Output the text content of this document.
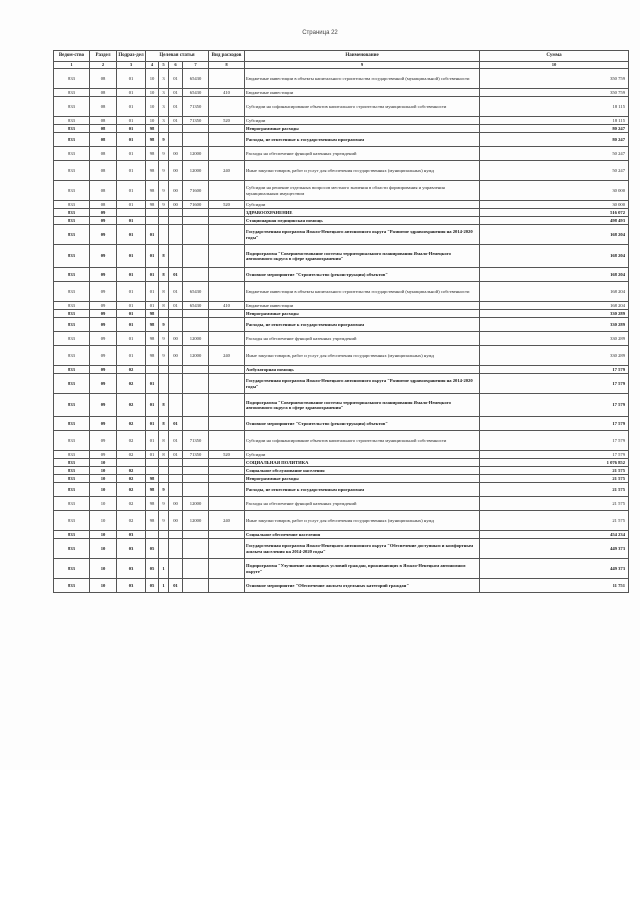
Страница 22
Ведом-ство	Раздел	Подраз-дел	Целевая статья				Вид расходов	Наименование	Сумма
1	2	3	4	5	6	7	8	9	10
833	08	01	10	3	01	65430		Бюджетные инвестиции в объекты капитального строительства государственной (муниципальной) собственности	350 759
833	08	01	10	3	01	65430	410	Бюджетные инвестиции	350 759
833	08	01	10	3	01	71350		Субсидии на софинансирование объектов капитального строительства муниципальной собственности	18 115
833	08	01	10	3	01	71350	520	Субсидии	18 115
833	08	01	98					Непрограммные расходы	80 247
833	08	01	98	9				Расходы, не отнесенные к государственным программам	80 247
833	08	01	98	9	00	12000		Расходы на обеспечение функций казенных учреждений	50 247
833	08	01	98	9	00	12000	240	Иные закупки товаров, работ и услуг для обеспечения государственных (муниципальных) нужд	50 247
833	08	01	98	9	00	71600		Субсидии на решение отдельных вопросов местного значения в области формирования и управления муниципальным имуществом	30 000
833	08	01	98	9	00	71600	520	Субсидии	30 000
833	09							ЗДРАВООХРАНЕНИЕ	516 072
833	09	01						Стационарная медицинская помощь	498 493
833	09	01	01					Государственная программа Ямало-Ненецкого автономного округа "Развитие здравоохранения на 2014-2020 годы"	168 204
833	09	01	01	8				Подпрограмма "Совершенствование системы территориального планирования Ямало-Ненецкого автономного округа в сфере здравоохранения"	168 204
833	09	01	01	8	01			Основное мероприятие "Строительство (реконструкция) объектов"	168 204
833	09	01	01	8	01	65430		Бюджетные инвестиции в объекты капитального строительства государственной (муниципальной) собственности	168 204
833	09	01	01	8	01	65430	410	Бюджетные инвестиции	168 204
833	09	01	98					Непрограммные расходы	330 289
833	09	01	98	9				Расходы, не отнесенные к государственным программам	330 289
833	09	01	98	9	00	12000		Расходы на обеспечение функций казенных учреждений	330 289
833	09	01	98	9	00	12000	240	Иные закупки товаров, работ и услуг для обеспечения государственных (муниципальных) нужд	330 289
833	09	02						Амбулаторная помощь	17 579
833	09	02	01					Государственная программа Ямало-Ненецкого автономного округа "Развитие здравоохранения на 2014-2020 годы"	17 579
833	09	02	01	8				Подпрограмма "Совершенствование системы территориального планирования Ямало-Ненецкого автономного округа в сфере здравоохранения"	17 579
833	09	02	01	8	01			Основное мероприятие "Строительство (реконструкция) объектов"	17 579
833	09	02	01	8	01	71350		Субсидии на софинансирование объектов капитального строительства муниципальной собственности	17 579
833	09	02	01	8	01	71350	520	Субсидии	17 579
833	10							СОЦИАЛЬНАЯ ПОЛИТИКА	1 076 852
833	10	02						Социальное обслуживание населения	21 575
833	10	02	98					Непрограммные расходы	21 575
833	10	02	98	9				Расходы, не отнесенные к государственным программам	21 575
833	10	02	98	9	00	12000		Расходы на обеспечение функций казенных учреждений	21 575
833	10	02	98	9	00	12000	240	Иные закупки товаров, работ и услуг для обеспечения государственных (муниципальных) нужд	21 575
833	10	03						Социальное обеспечение населения	454 234
833	10	03	05					Государственная программа Ямало-Ненецкого автономного округа "Обеспечение доступным и комфортным жильем населения на 2014-2020 годы"	449 373
833	10	03	05	1				Подпрограмма "Улучшение жилищных условий граждан, проживающих в Ямало-Ненецком автономном округе"	449 373
833	10	03	05	1	01			Основное мероприятие "Обеспечение жильем отдельных категорий граждан"	11 751
